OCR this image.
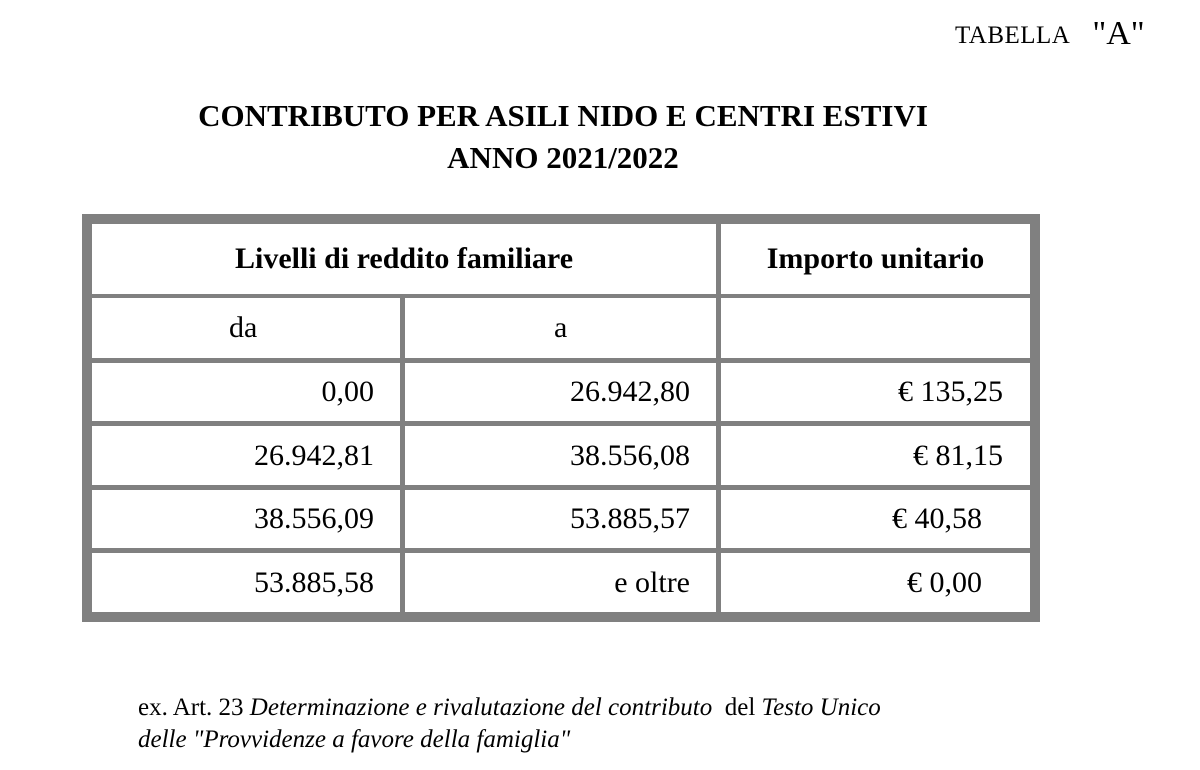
TABELLA "A"
CONTRIBUTO PER ASILI NIDO E CENTRI ESTIVI
ANNO 2021/2022
Livelli di reddito familiare	Importo unitario
da	a
0,00	26.942,80	€ 135,25
26.942,81	38.556,08	€ 81,15
38.556,09	53.885,57	€ 40,58
53.885,58	e oltre	€ 0,00
ex. Art. 23 Determinazione e rivalutazione del contributo  del Testo Unico
delle "Provvidenze a favore della famiglia"
